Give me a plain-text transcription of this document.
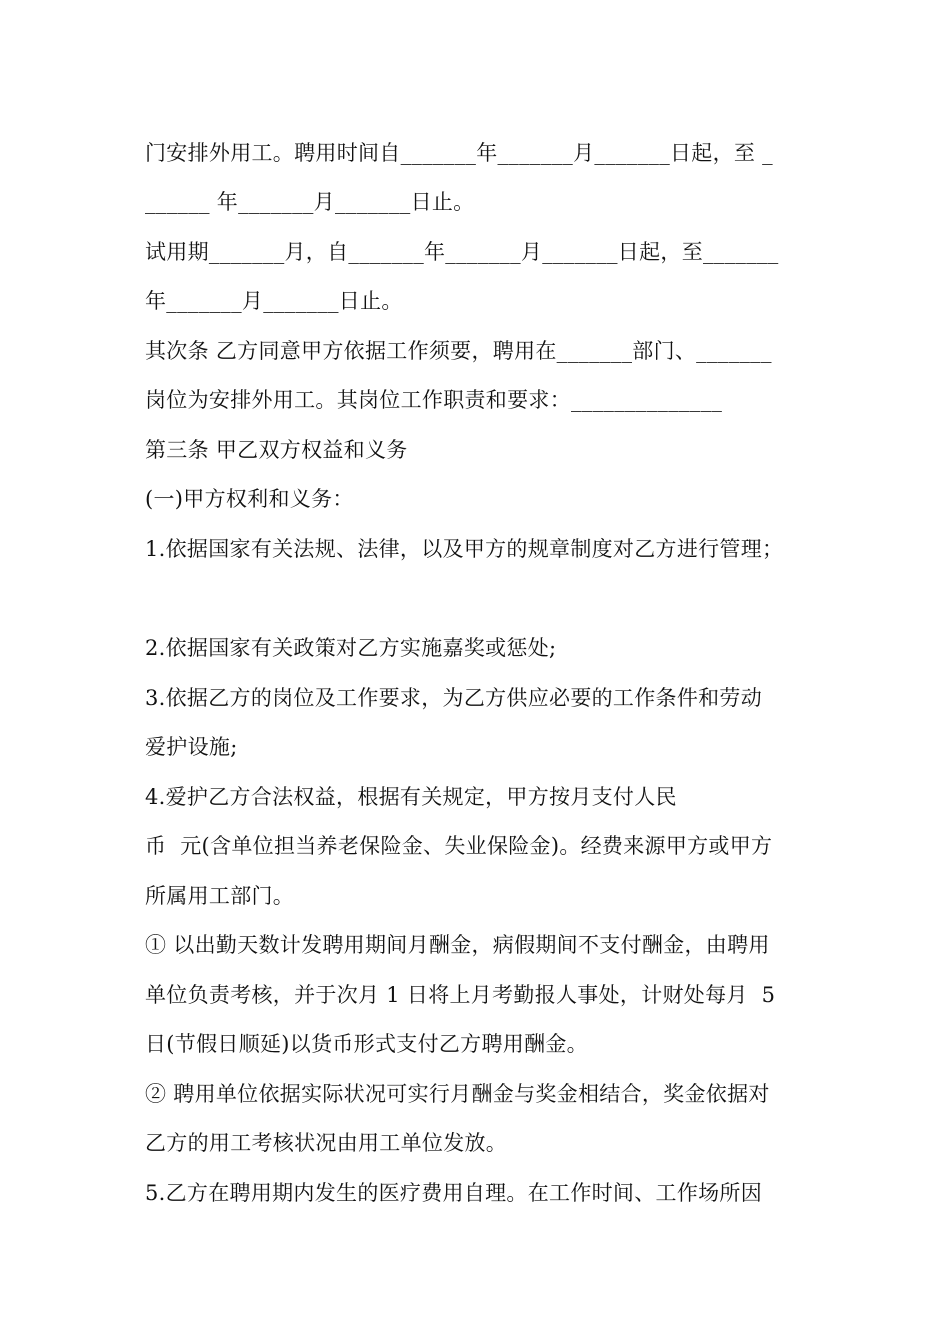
门安排外用工。聘用时间自_______年_______月_______日起，至 _
______ 年_______月_______日止。
试用期_______月，自_______年_______月_______日起，至_______
年_______月_______日止。
其次条 乙方同意甲方依据工作须要，聘用在_______部门、_______
岗位为安排外用工。其岗位工作职责和要求：______________
第三条 甲乙双方权益和义务
(一)甲方权利和义务：
1.依据国家有关法规、法律，以及甲方的规章制度对乙方进行管理；
2.依据国家有关政策对乙方实施嘉奖或惩处;
3.依据乙方的岗位及工作要求，为乙方供应必要的工作条件和劳动
爱护设施;
4.爱护乙方合法权益，根据有关规定，甲方按月支付人民
币  元(含单位担当养老保险金、失业保险金)。经费来源甲方或甲方
所属用工部门。
① 以出勤天数计发聘用期间月酬金，病假期间不支付酬金，由聘用
单位负责考核，并于次月 1 日将上月考勤报人事处，计财处每月  5
日(节假日顺延)以货币形式支付乙方聘用酬金。
② 聘用单位依据实际状况可实行月酬金与奖金相结合，奖金依据对
乙方的用工考核状况由用工单位发放。
5.乙方在聘用期内发生的医疗费用自理。在工作时间、工作场所因
